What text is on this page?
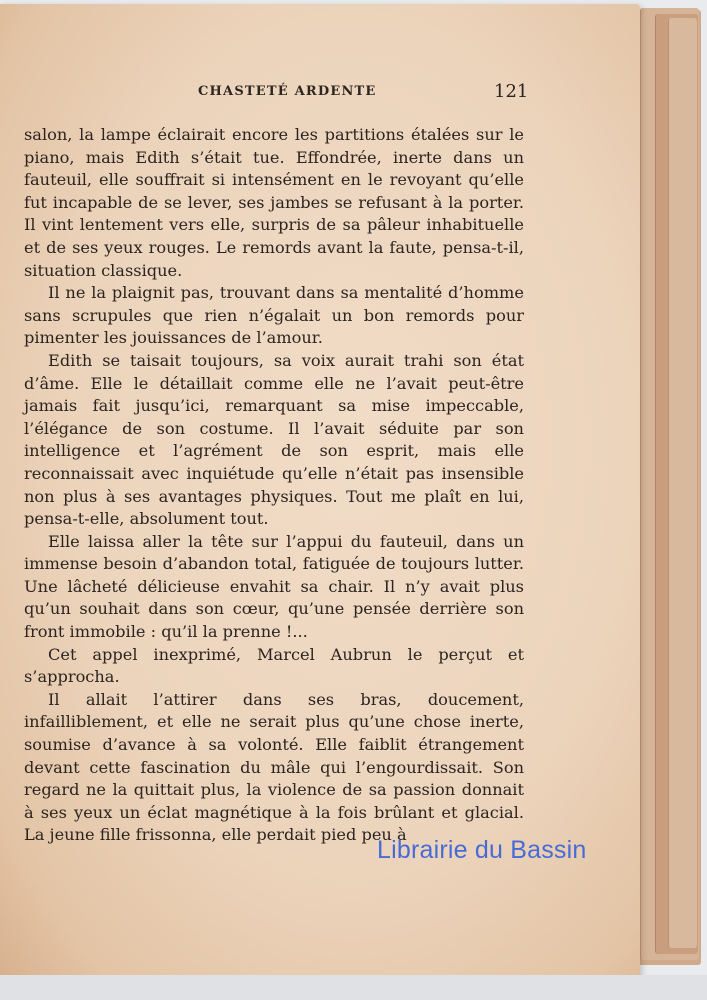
CHASTETÉ ARDENTE	121

salon, la lampe éclairait encore les partitions étalées sur le piano, mais Edith s’était tue. Effondrée, inerte dans un fauteuil, elle souffrait si intensément en le revoyant qu’elle fut incapable de se lever, ses jambes se refusant à la porter. Il vint lentement vers elle, surpris de sa pâleur inhabituelle et de ses yeux rouges. Le remords avant la faute, pensa-t-il, situation classique.

Il ne la plaignit pas, trouvant dans sa mentalité d’homme sans scrupules que rien n’égalait un bon remords pour pimenter les jouissances de l’amour.

Edith se taisait toujours, sa voix aurait trahi son état d’âme. Elle le détaillait comme elle ne l’avait peut-être jamais fait jusqu’ici, remarquant sa mise impeccable, l’élégance de son costume. Il l’avait séduite par son intelligence et l’agrément de son esprit, mais elle reconnaissait avec inquiétude qu’elle n’était pas insensible non plus à ses avantages physiques. Tout me plaît en lui, pensa-t-elle, absolument tout.

Elle laissa aller la tête sur l’appui du fauteuil, dans un immense besoin d’abandon total, fatiguée de toujours lutter. Une lâcheté délicieuse envahit sa chair. Il n’y avait plus qu’un souhait dans son cœur, qu’une pensée derrière son front immobile : qu’il la prenne !...

Cet appel inexprimé, Marcel Aubrun le perçut et s’approcha.

Il allait l’attirer dans ses bras, doucement, infailliblement, et elle ne serait plus qu’une chose inerte, soumise d’avance à sa volonté. Elle faiblit étrangement devant cette fascination du mâle qui l’engourdissait. Son regard ne la quittait plus, la violence de sa passion donnait à ses yeux un éclat magnétique à la fois brûlant et glacial. La jeune fille frissonna, elle perdait pied peu à

Librairie du Bassin
